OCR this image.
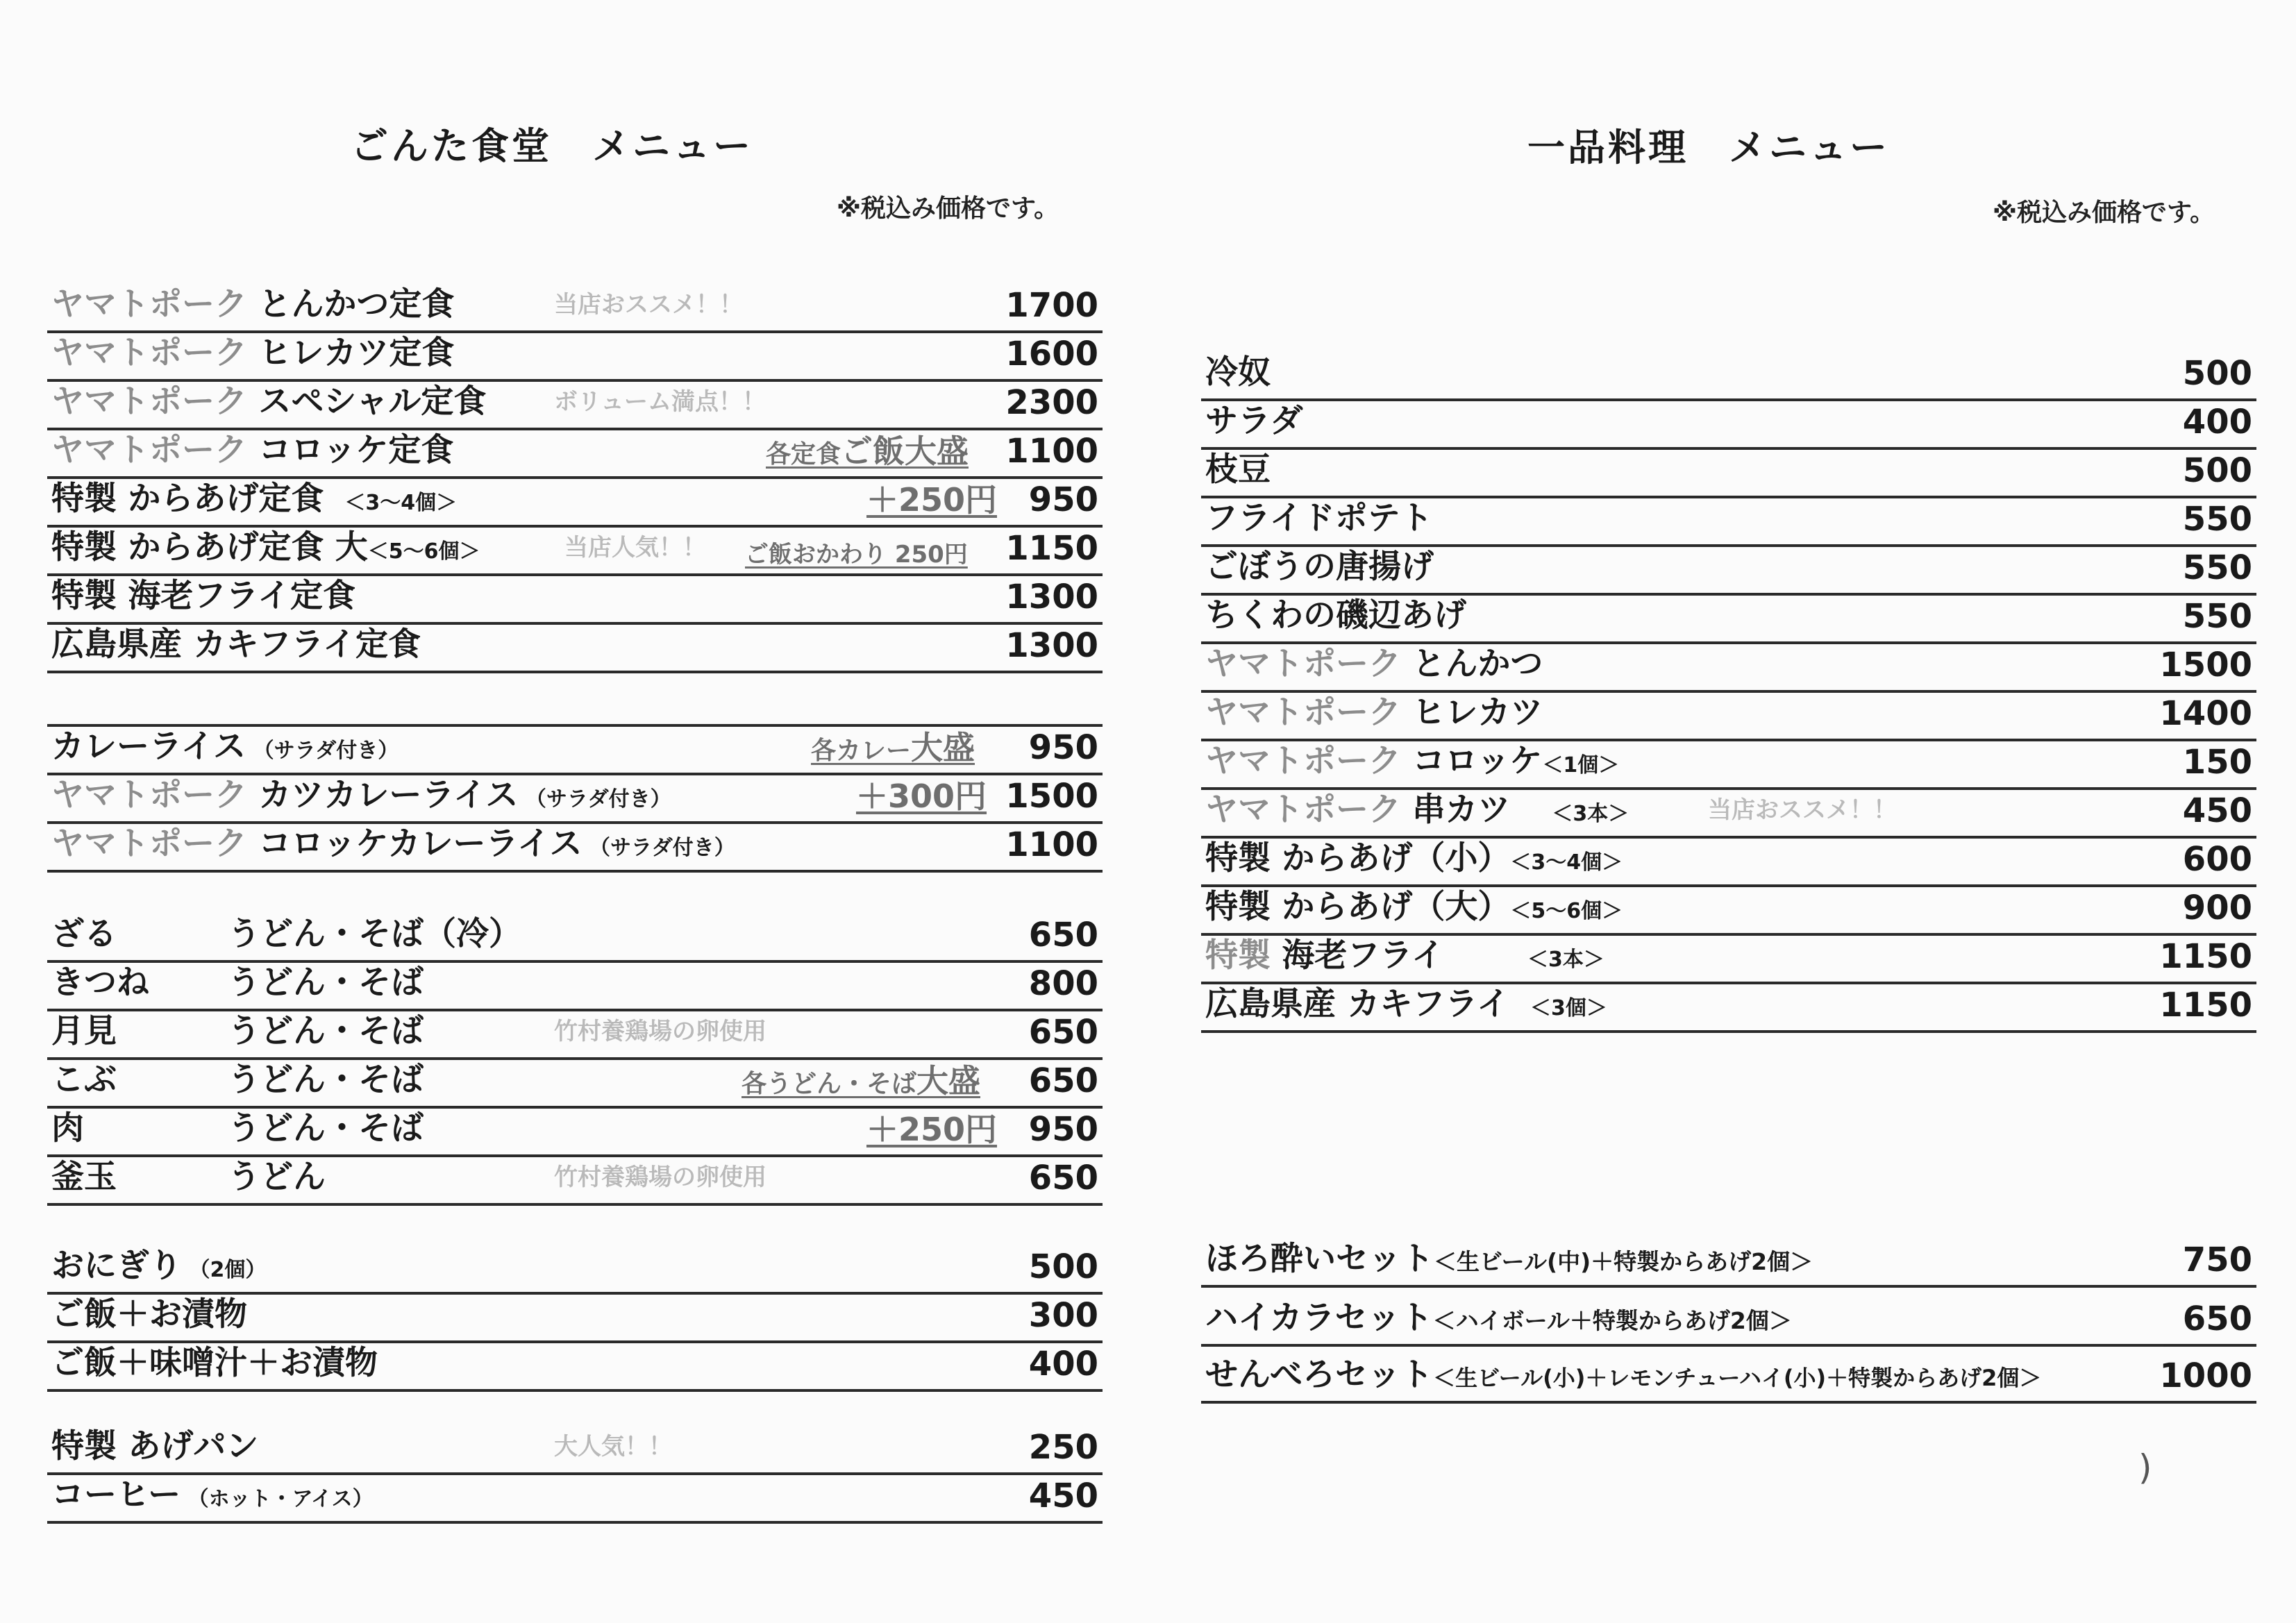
ごんた食堂　メニュー
※税込み価格です。
一品料理　メニュー
※税込み価格です。
ヤマトポーク とんかつ定食	当店おススメ！！	1700
ヤマトポーク ヒレカツ定食	1600
ヤマトポーク スペシャル定食	ボリューム満点！！	2300
ヤマトポーク コロッケ定食	各定食ご飯大盛 1100
特製 からあげ定食　＜3～4個＞	＋250円 950
特製 からあげ定食 大＜5～6個＞	当店人気！！ ご飯おかわり 250円 1150
特製 海老フライ定食	1300
広島県産 カキフライ定食	1300
カレーライス （サラダ付き）	各カレー大盛 950
ヤマトポーク カツカレーライス （サラダ付き）	＋300円 1500
ヤマトポーク コロッケカレーライス （サラダ付き）	1100
ざる	うどん・そば（冷）	650
きつね うどん・そば	800
月見	うどん・そば	竹村養鶏場の卵使用	650
こぶ	うどん・そば	各うどん・そば大盛 650
肉	うどん・そば	＋250円 950
釜玉	うどん	竹村養鶏場の卵使用	650
おにぎり （2個）	500
ご飯＋お漬物	300
ご飯＋味噌汁＋お漬物	400
特製 あげパン	大人気！！	250
コーヒー （ホット・アイス）	450
冷奴	500
サラダ	400
枝豆	500
フライドポテト	550
ごぼうの唐揚げ	550
ちくわの磯辺あげ	550
ヤマトポーク とんかつ	1500
ヤマトポーク ヒレカツ	1400
ヤマトポーク コロッケ＜1個＞	150
ヤマトポーク 串カツ　　＜3本＞	当店おススメ！！	450
特製 からあげ（小）＜3～4個＞	600
特製 からあげ（大）＜5～6個＞	900
特製 海老フライ　　　　＜3本＞	1150
広島県産 カキフライ　＜3個＞	1150
ほろ酔いセット＜生ビール(中)＋特製からあげ2個＞	750
ハイカラセット＜ハイボール＋特製からあげ2個＞	650
せんべろセット＜生ビール(小)＋レモンチューハイ(小)＋特製からあげ2個＞	1000
)
